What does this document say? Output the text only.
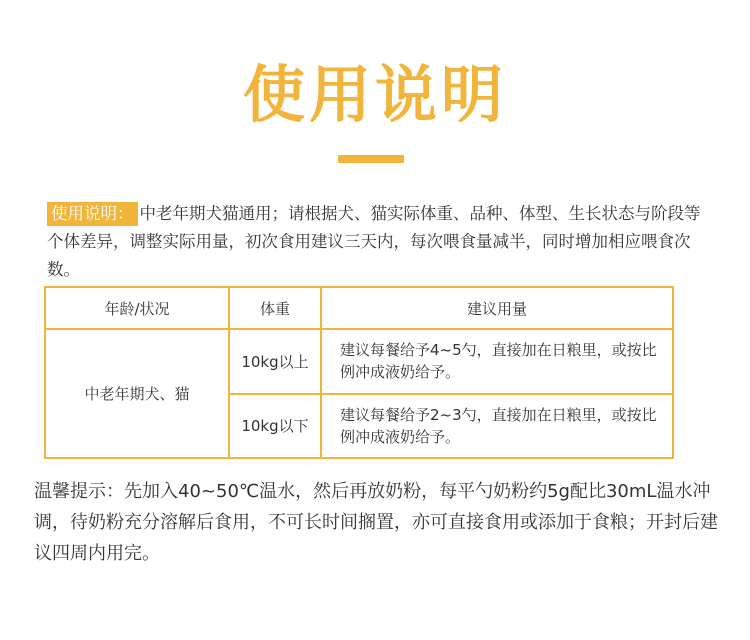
使用说明
使用说明： 中老年期犬猫通用；请根据犬、猫实际体重、品种、体型、生长状态与阶段等个体差异，调整实际用量，初次食用建议三天内，每次喂食量减半，同时增加相应喂食次数。
年龄/状况	体重	建议用量
中老年期犬、猫	10kg以上	建议每餐给予4~5勺，直接加在日粮里，或按比例冲成液奶给予。
	10kg以下	建议每餐给予2~3勺，直接加在日粮里，或按比例冲成液奶给予。
温馨提示：先加入40~50℃温水，然后再放奶粉，每平勺奶粉约5g配比30mL温水冲调，待奶粉充分溶解后食用，不可长时间搁置，亦可直接食用或添加于食粮；开封后建议四周内用完。
